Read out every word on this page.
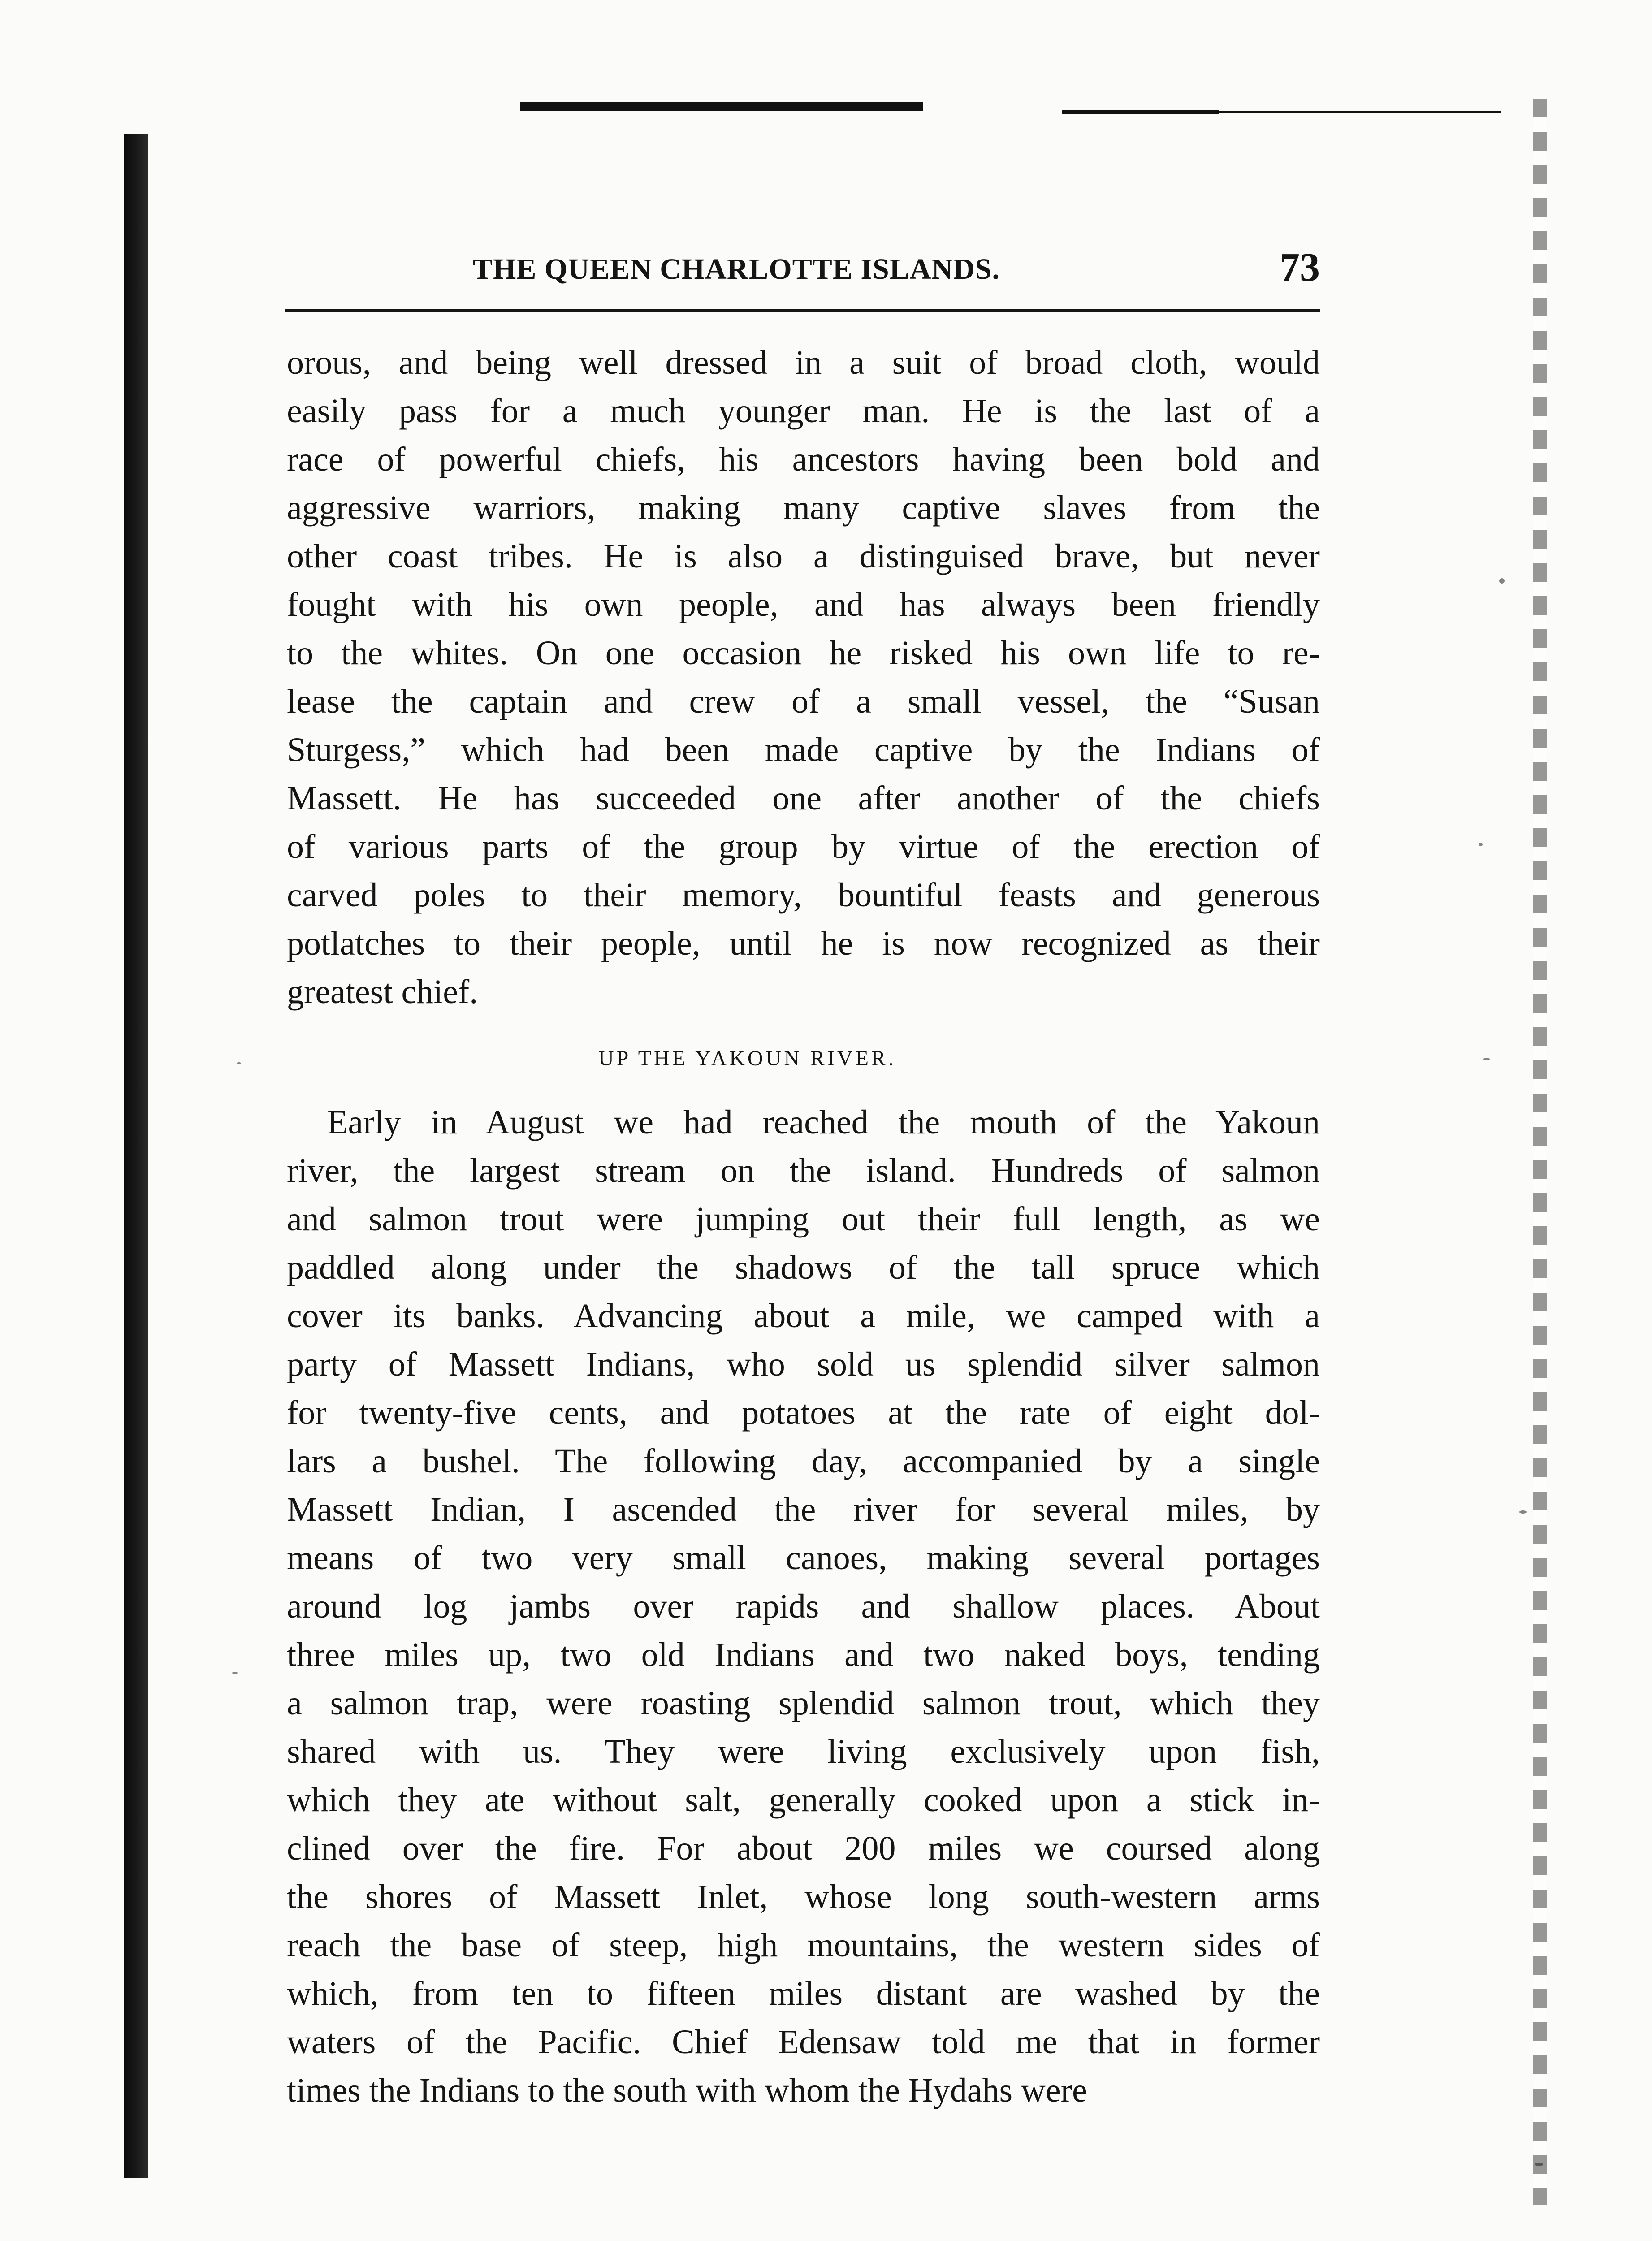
THE QUEEN CHARLOTTE ISLANDS.	73
orous, and being well dressed in a suit of broad cloth, would
easily pass for a much younger man. He is the last of a
race of powerful chiefs, his ancestors having been bold and
aggressive warriors, making many captive slaves from the
other coast tribes. He is also a distinguised brave, but never
fought with his own people, and has always been friendly
to the whites. On one occasion he risked his own life to re-
lease the captain and crew of a small vessel, the “Susan
Sturgess,” which had been made captive by the Indians of
Massett. He has succeeded one after another of the chiefs
of various parts of the group by virtue of the erection of
carved poles to their memory, bountiful feasts and generous
potlatches to their people, until he is now recognized as their
greatest chief.
UP THE YAKOUN RIVER.
Early in August we had reached the mouth of the Yakoun
river, the largest stream on the island. Hundreds of salmon
and salmon trout were jumping out their full length, as we
paddled along under the shadows of the tall spruce which
cover its banks. Advancing about a mile, we camped with a
party of Massett Indians, who sold us splendid silver salmon
for twenty-five cents, and potatoes at the rate of eight dol-
lars a bushel. The following day, accompanied by a single
Massett Indian, I ascended the river for several miles, by
means of two very small canoes, making several portages
around log jambs over rapids and shallow places. About
three miles up, two old Indians and two naked boys, tending
a salmon trap, were roasting splendid salmon trout, which they
shared with us. They were living exclusively upon fish,
which they ate without salt, generally cooked upon a stick in-
clined over the fire. For about 200 miles we coursed along
the shores of Massett Inlet, whose long south-western arms
reach the base of steep, high mountains, the western sides of
which, from ten to fifteen miles distant are washed by the
waters of the Pacific. Chief Edensaw told me that in former
times the Indians to the south with whom the Hydahs were
